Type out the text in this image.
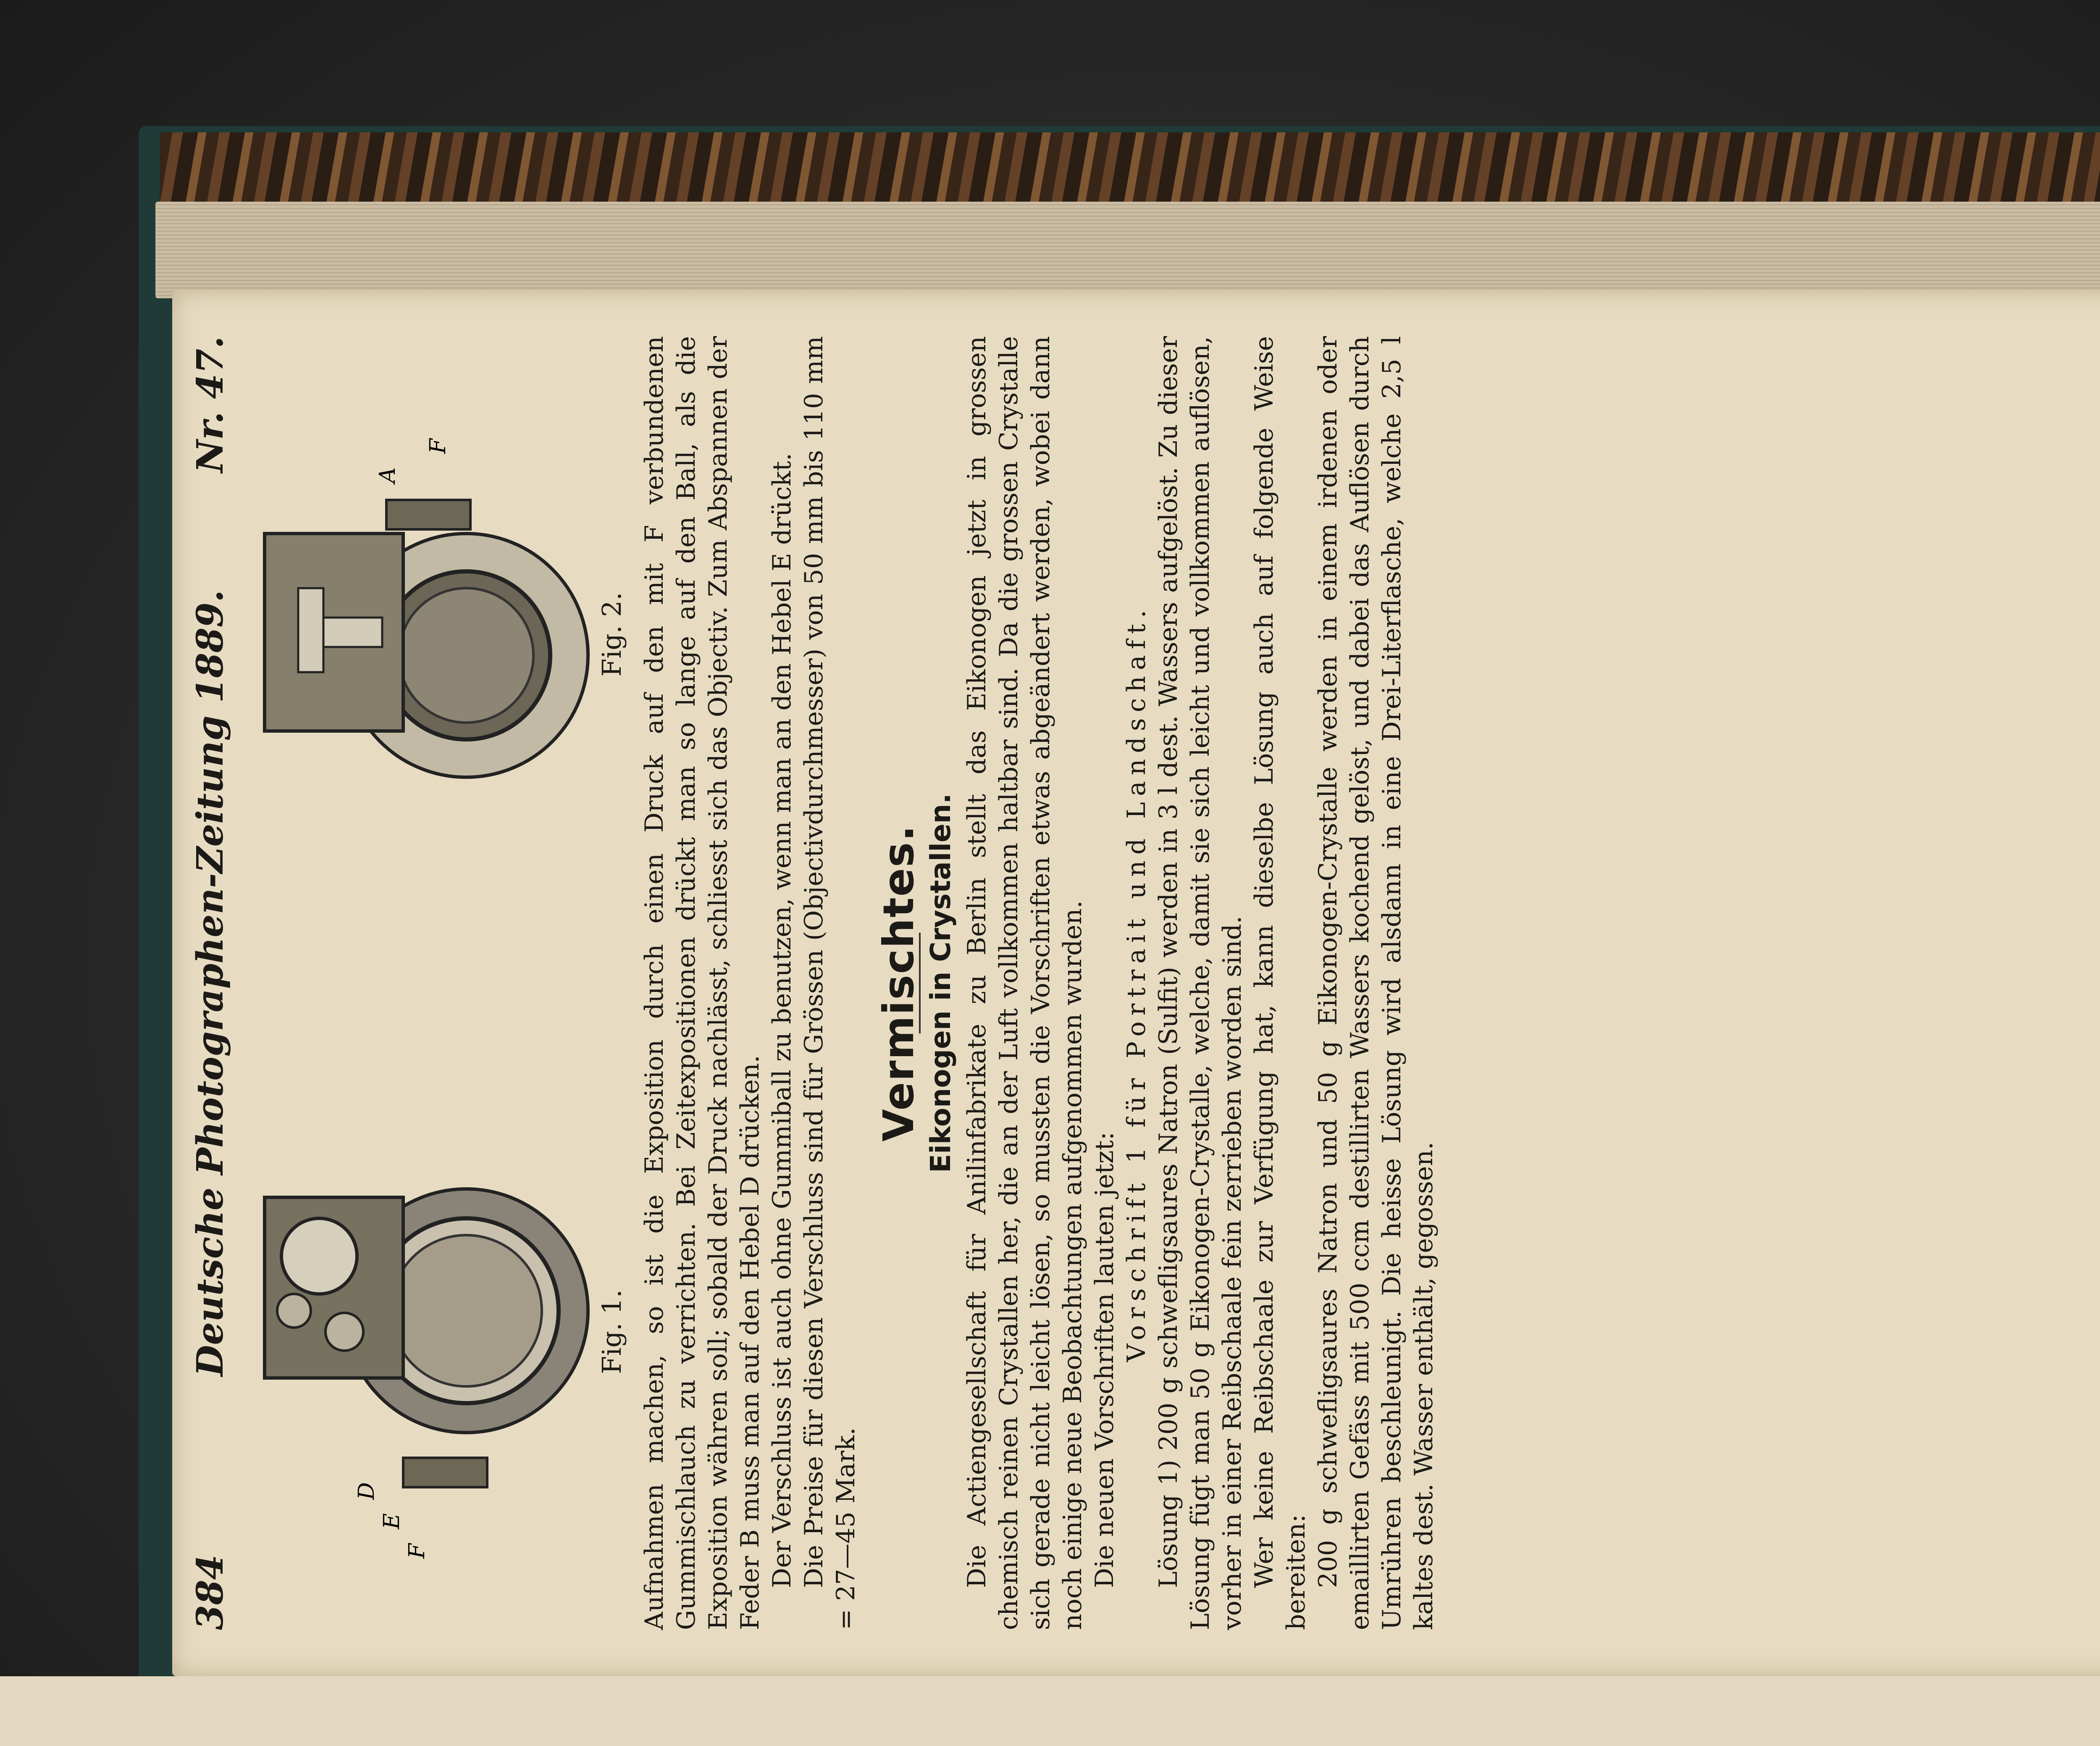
384
Deutsche Photographen-Zeitung 1889.
Nr. 47.
D
E
F
Fig. 1.
A
F
Fig. 2. Aufnahmen machen, so ist die Exposition durch einen Druck auf den mit F verbundenen Gummischlauch zu verrichten. Bei Zeitexpositionen drückt man so lange auf den Ball, als die Exposition währen soll; sobald der Druck nachlässt, schliesst sich das Objectiv. Zum Abspannen der Feder B muss man auf den Hebel D drücken. Der Verschluss ist auch ohne Gummiball zu benutzen, wenn man an den Hebel E drückt. Die Preise für diesen Verschluss sind für Grössen (Objectivdurchmesser) von 50 mm bis 110 mm = 27—45 Mark.

Vermischtes. Eikonogen in Crystallen. Die Actiengesellschaft für Anilinfabrikate zu Berlin stellt das Eikonogen jetzt in grossen chemisch reinen Crystallen her, die an der Luft vollkommen haltbar sind. Da die grossen Crystalle sich gerade nicht leicht lösen, so mussten die Vorschriften etwas abgeändert werden, wobei dann noch einige neue Beobachtungen aufgenommen wurden. Die neuen Vorschriften lauten jetzt: Vorschrift 1 für Portrait und Landschaft. Lösung 1) 200 g schwefligsaures Natron (Sulfit) werden in 3 l dest. Wassers aufgelöst. Zu dieser Lösung fügt man 50 g Eikonogen-Crystalle, welche, damit sie sich leicht und vollkommen auflösen, vorher in einer Reibschaale fein zerrieben worden sind. Wer keine Reibschaale zur Verfügung hat, kann dieselbe Lösung auch auf folgende Weise bereiten: 200 g schwefligsaures Natron und 50 g Eikonogen-Crystalle werden in einem irdenen oder emaillirten Gefäss mit 500 ccm destillirten Wassers kochend gelöst, und dabei das Auflösen durch Umrühren beschleunigt. Die heisse Lösung wird alsdann in eine Drei-Literflasche, welche 2,5 l kaltes dest. Wasser enthält, gegossen.
